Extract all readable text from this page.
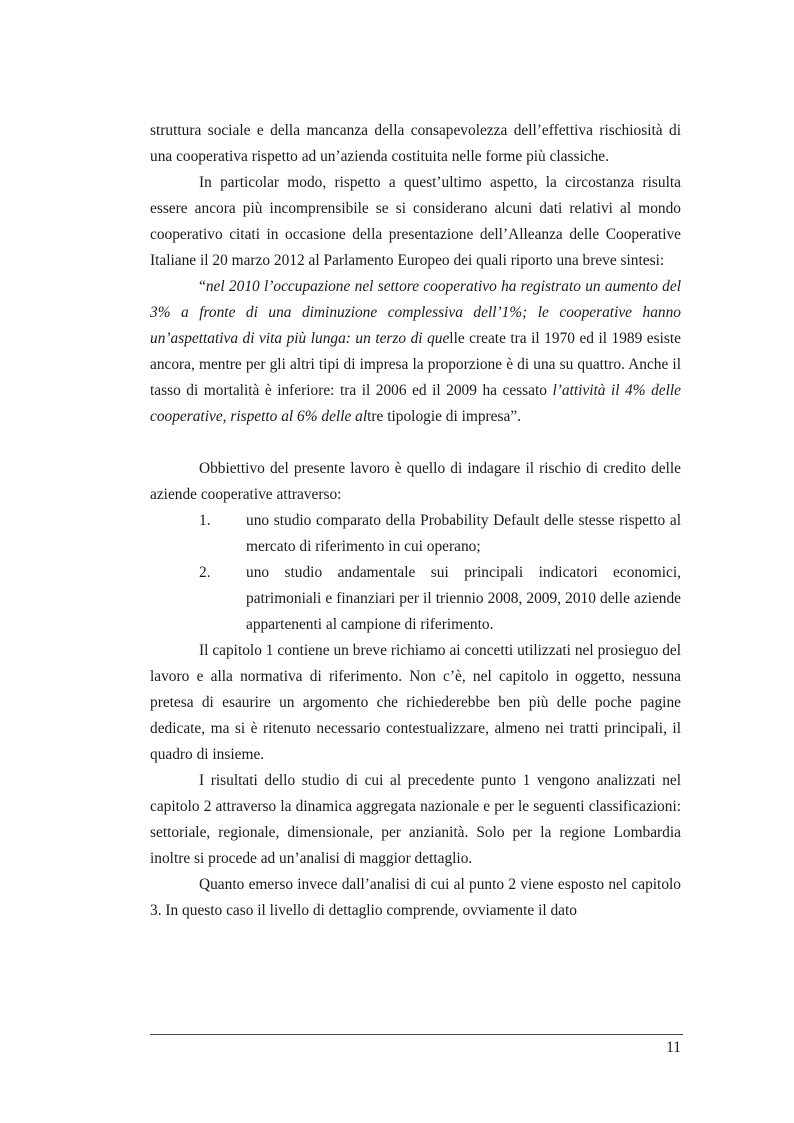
struttura sociale e della mancanza della consapevolezza dell’effettiva rischiosità di una cooperativa rispetto ad un’azienda costituita nelle forme più classiche.

In particolar modo, rispetto a quest’ultimo aspetto, la circostanza risulta essere ancora più incomprensibile se si considerano alcuni dati relativi al mondo cooperativo citati in occasione della presentazione dell’Alleanza delle Cooperative Italiane il 20 marzo 2012 al Parlamento Europeo dei quali riporto una breve sintesi:

“nel 2010 l’occupazione nel settore cooperativo ha registrato un aumento del 3% a fronte di una diminuzione complessiva dell’1%; le cooperative hanno un’aspettativa di vita più lunga: un terzo di quelle create tra il 1970 ed il 1989 esiste ancora, mentre per gli altri tipi di impresa la proporzione è di una su quattro. Anche il tasso di mortalità è inferiore: tra il 2006 ed il 2009 ha cessato l’attività il 4% delle cooperative, rispetto al 6% delle altre tipologie di impresa”.

Obbiettivo del presente lavoro è quello di indagare il rischio di credito delle aziende cooperative attraverso:

1. uno studio comparato della Probability Default delle stesse rispetto al mercato di riferimento in cui operano;
2. uno studio andamentale sui principali indicatori economici, patrimoniali e finanziari per il triennio 2008, 2009, 2010 delle aziende appartenenti al campione di riferimento.

Il capitolo 1 contiene un breve richiamo ai concetti utilizzati nel prosieguo del lavoro e alla normativa di riferimento. Non c’è, nel capitolo in oggetto, nessuna pretesa di esaurire un argomento che richiederebbe ben più delle poche pagine dedicate, ma si è ritenuto necessario contestualizzare, almeno nei tratti principali, il quadro di insieme.

I risultati dello studio di cui al precedente punto 1 vengono analizzati nel capitolo 2 attraverso la dinamica aggregata nazionale e per le seguenti classificazioni: settoriale, regionale, dimensionale, per anzianità. Solo per la regione Lombardia inoltre si procede ad un’analisi di maggior dettaglio.

Quanto emerso invece dall’analisi di cui al punto 2 viene esposto nel capitolo 3. In questo caso il livello di dettaglio comprende, ovviamente il dato

11
